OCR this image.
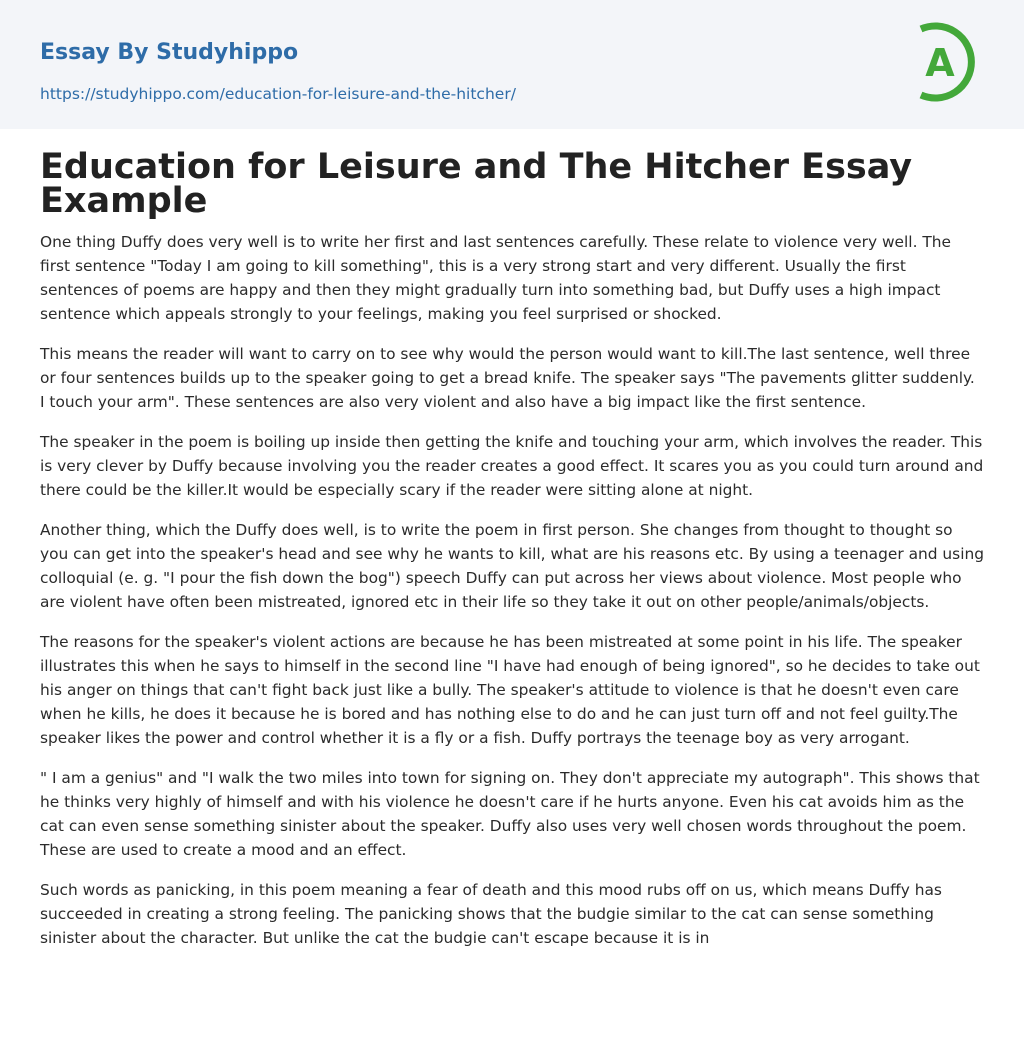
Essay By Studyhippo
https://studyhippo.com/education-for-leisure-and-the-hitcher/
A
Education for Leisure and The Hitcher Essay Example

One thing Duffy does very well is to write her first and last sentences carefully. These relate to violence very well. The first sentence "Today I am going to kill something", this is a very strong start and very different. Usually the first sentences of poems are happy and then they might gradually turn into something bad, but Duffy uses a high impact sentence which appeals strongly to your feelings, making you feel surprised or shocked.

This means the reader will want to carry on to see why would the person would want to kill.The last sentence, well three or four sentences builds up to the speaker going to get a bread knife. The speaker says "The pavements glitter suddenly. I touch your arm". These sentences are also very violent and also have a big impact like the first sentence.

The speaker in the poem is boiling up inside then getting the knife and touching your arm, which involves the reader. This is very clever by Duffy because involving you the reader creates a good effect. It scares you as you could turn around and there could be the killer.It would be especially scary if the reader were sitting alone at night.

Another thing, which the Duffy does well, is to write the poem in first person. She changes from thought to thought so you can get into the speaker's head and see why he wants to kill, what are his reasons etc. By using a teenager and using colloquial (e. g. "I pour the fish down the bog") speech Duffy can put across her views about violence. Most people who are violent have often been mistreated, ignored etc in their life so they take it out on other people/animals/objects.

The reasons for the speaker's violent actions are because he has been mistreated at some point in his life. The speaker illustrates this when he says to himself in the second line "I have had enough of being ignored", so he decides to take out his anger on things that can't fight back just like a bully. The speaker's attitude to violence is that he doesn't even care when he kills, he does it because he is bored and has nothing else to do and he can just turn off and not feel guilty.The speaker likes the power and control whether it is a fly or a fish. Duffy portrays the teenage boy as very arrogant.

" I am a genius" and "I walk the two miles into town for signing on. They don't appreciate my autograph". This shows that he thinks very highly of himself and with his violence he doesn't care if he hurts anyone. Even his cat avoids him as the cat can even sense something sinister about the speaker. Duffy also uses very well chosen words throughout the poem. These are used to create a mood and an effect.

Such words as panicking, in this poem meaning a fear of death and this mood rubs off on us, which means Duffy has succeeded in creating a strong feeling. The panicking shows that the budgie similar to the cat can sense something sinister about the character. But unlike the cat the budgie can't escape because it is in
